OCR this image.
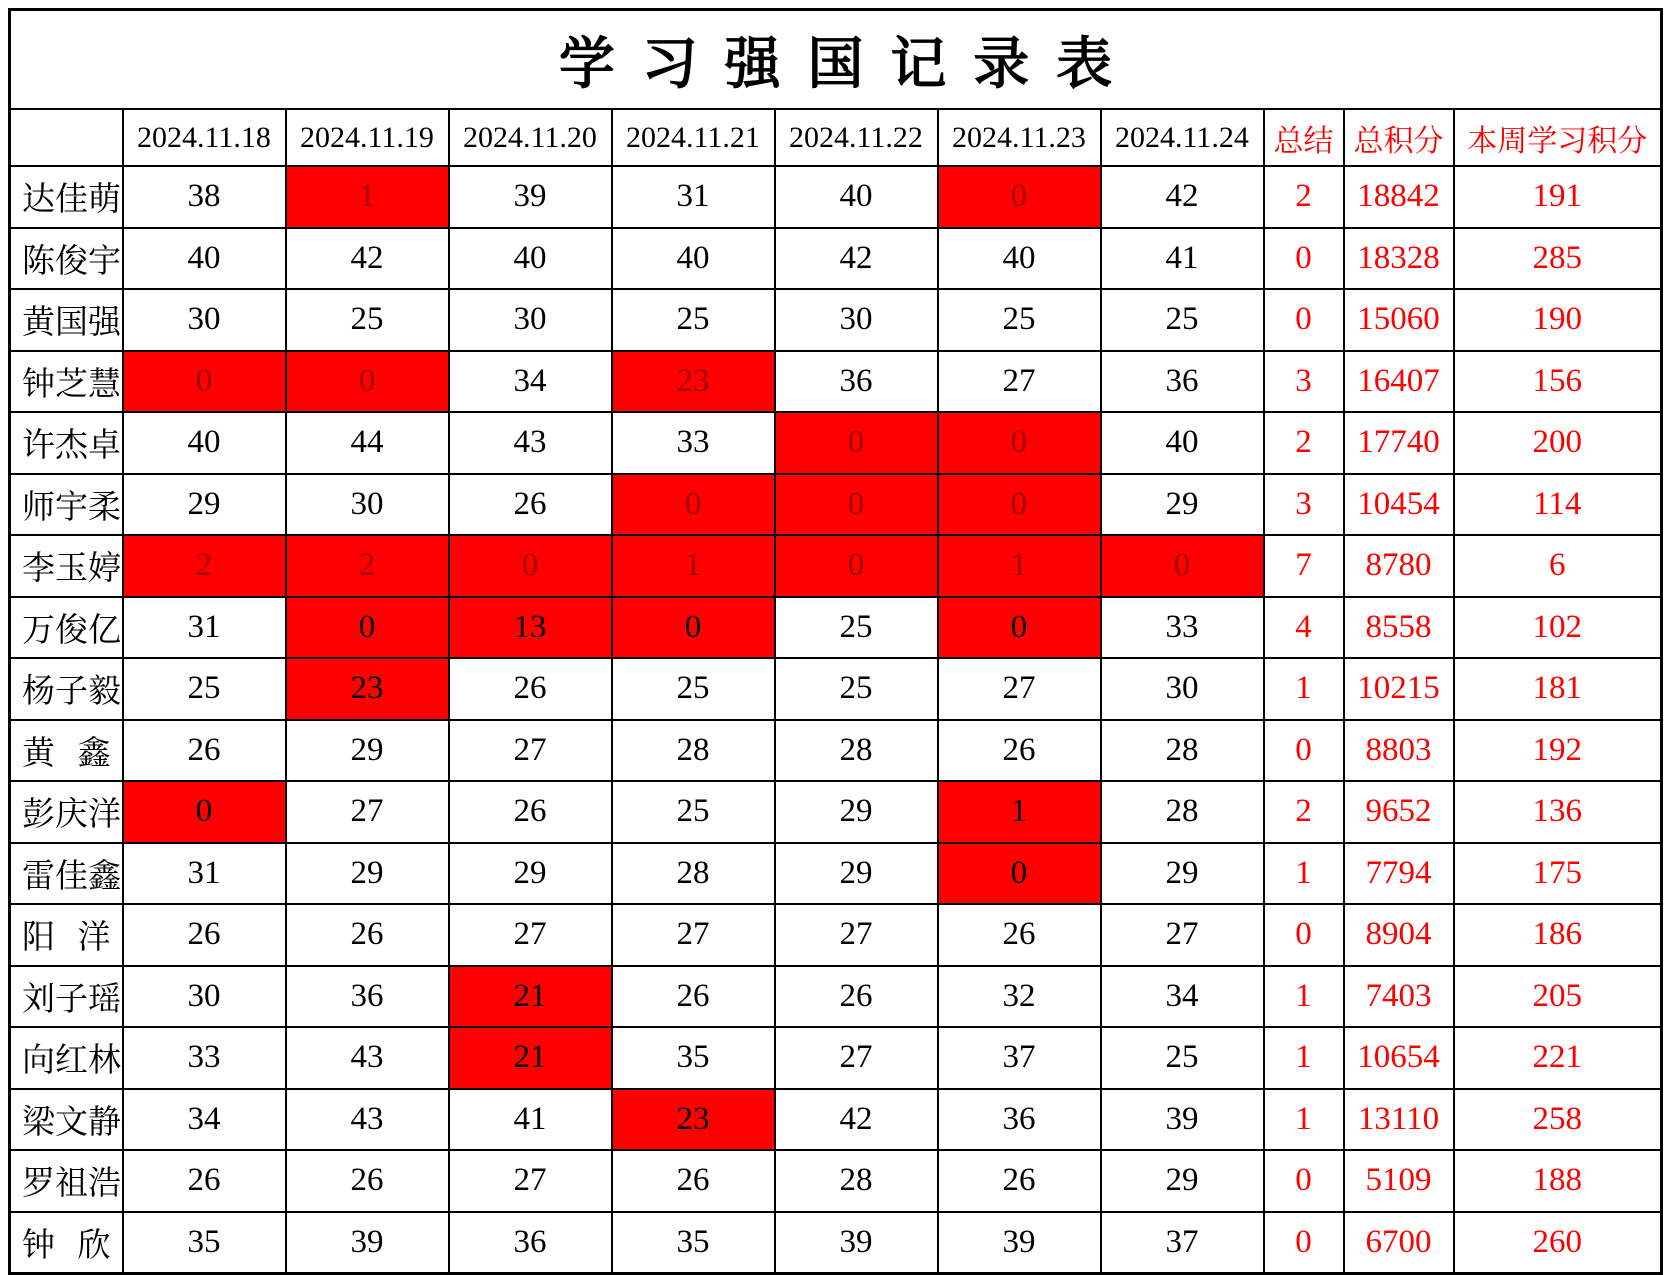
学习强国记录表										
	2024.11.18	2024.11.19	2024.11.20	2024.11.21	2024.11.22	2024.11.23	2024.11.24	总结	总积分	本周学习积分
达佳萌	38	1	39	31	40	0	42	2	18842	191
陈俊宇	40	42	40	40	42	40	41	0	18328	285
黄国强	30	25	30	25	30	25	25	0	15060	190
钟芝慧	0	0	34	23	36	27	36	3	16407	156
许杰卓	40	44	43	33	0	0	40	2	17740	200
师宇柔	29	30	26	0	0	0	29	3	10454	114
李玉婷	2	2	0	1	0	1	0	7	8780	6
万俊亿	31	0	13	0	25	0	33	4	8558	102
杨子毅	25	23	26	25	25	27	30	1	10215	181
黄鑫	26	29	27	28	28	26	28	0	8803	192
彭庆洋	0	27	26	25	29	1	28	2	9652	136
雷佳鑫	31	29	29	28	29	0	29	1	7794	175
阳洋	26	26	27	27	27	26	27	0	8904	186
刘子瑶	30	36	21	26	26	32	34	1	7403	205
向红林	33	43	21	35	27	37	25	1	10654	221
梁文静	34	43	41	23	42	36	39	1	13110	258
罗祖浩	26	26	27	26	28	26	29	0	5109	188
钟欣	35	39	36	35	39	39	37	0	6700	260
